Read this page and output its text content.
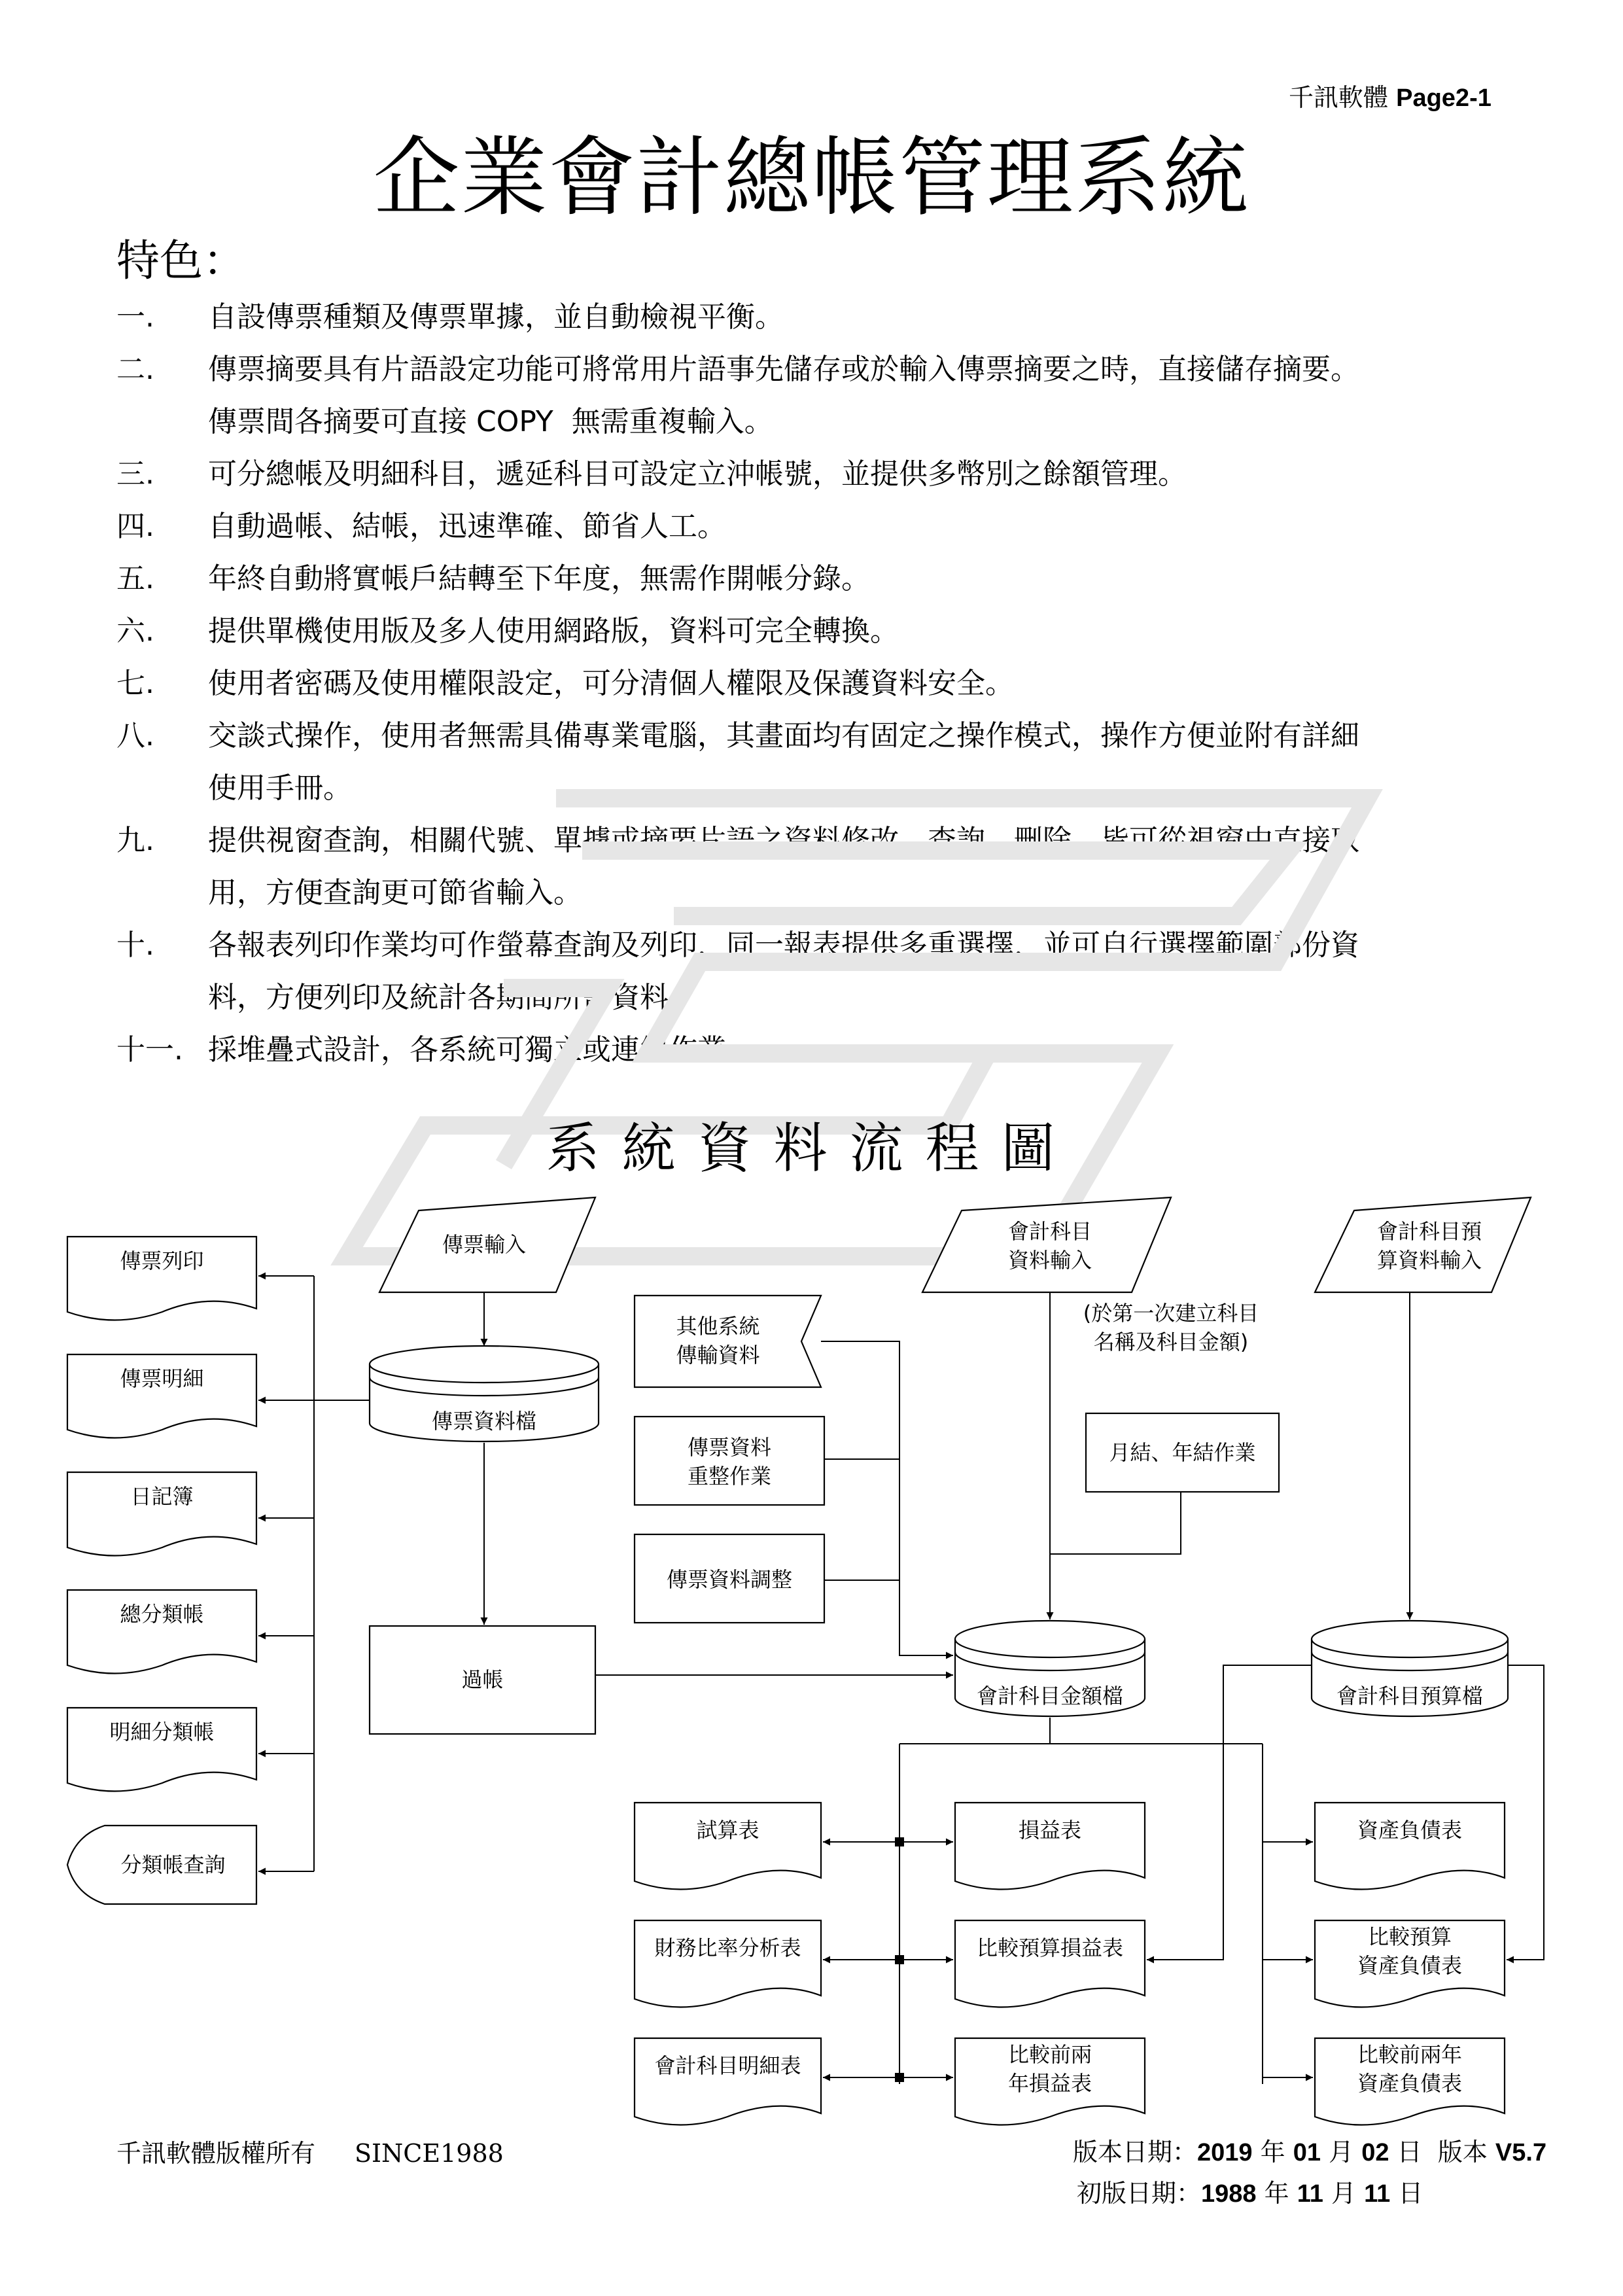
千訊軟體 Page2-1
企業會計總帳管理系統
特色：
一.	自設傳票種類及傳票單據，並自動檢視平衡。
二.	傳票摘要具有片語設定功能可將常用片語事先儲存或於輸入傳票摘要之時，直接儲存摘要。
傳票間各摘要可直接 COPY  無需重複輸入。
三.	可分總帳及明細科目，遞延科目可設定立沖帳號，並提供多幣別之餘額管理。
四.	自動過帳、結帳，迅速準確、節省人工。
五.	年終自動將實帳戶結轉至下年度，無需作開帳分錄。
六.	提供單機使用版及多人使用網路版，資料可完全轉換。
七.	使用者密碼及使用權限設定，可分清個人權限及保護資料安全。
八.	交談式操作，使用者無需具備專業電腦，其畫面均有固定之操作模式，操作方便並附有詳細
使用手冊。
九.	提供視窗查詢，相關代號、單據或摘要片語之資料修改、查詢、刪除，皆可從視窗中直接取
用，方便查詢更可節省輸入。
十.	各報表列印作業均可作螢幕查詢及列印，同一報表提供多重選擇，並可自行選擇範圍部份資
料，方便列印及統計各期間所需資料。
十一. 採堆疊式設計，各系統可獨立或連線作業。
系統資料流程圖
傳票列印
傳票明細
日記簿
總分類帳
明細分類帳
分類帳查詢
傳票輸入
傳票資料檔
過帳
其他系統
傳輸資料
傳票資料
重整作業
傳票資料調整
會計科目
資料輸入
(於第一次建立科目
名稱及科目金額)
月結、年結作業
會計科目預
算資料輸入
會計科目金額檔	會計科目預算檔
試算表
財務比率分析表
會計科目明細表
損益表
比較預算損益表
比較前兩
年損益表
資產負債表
比較預算
資產負債表
比較前兩年
資產負債表
千訊軟體版權所有 SINCE1988	版本日期：2019 年 01 月 02 日 版本 V5.7
初版日期：1988 年 11 月 11 日
